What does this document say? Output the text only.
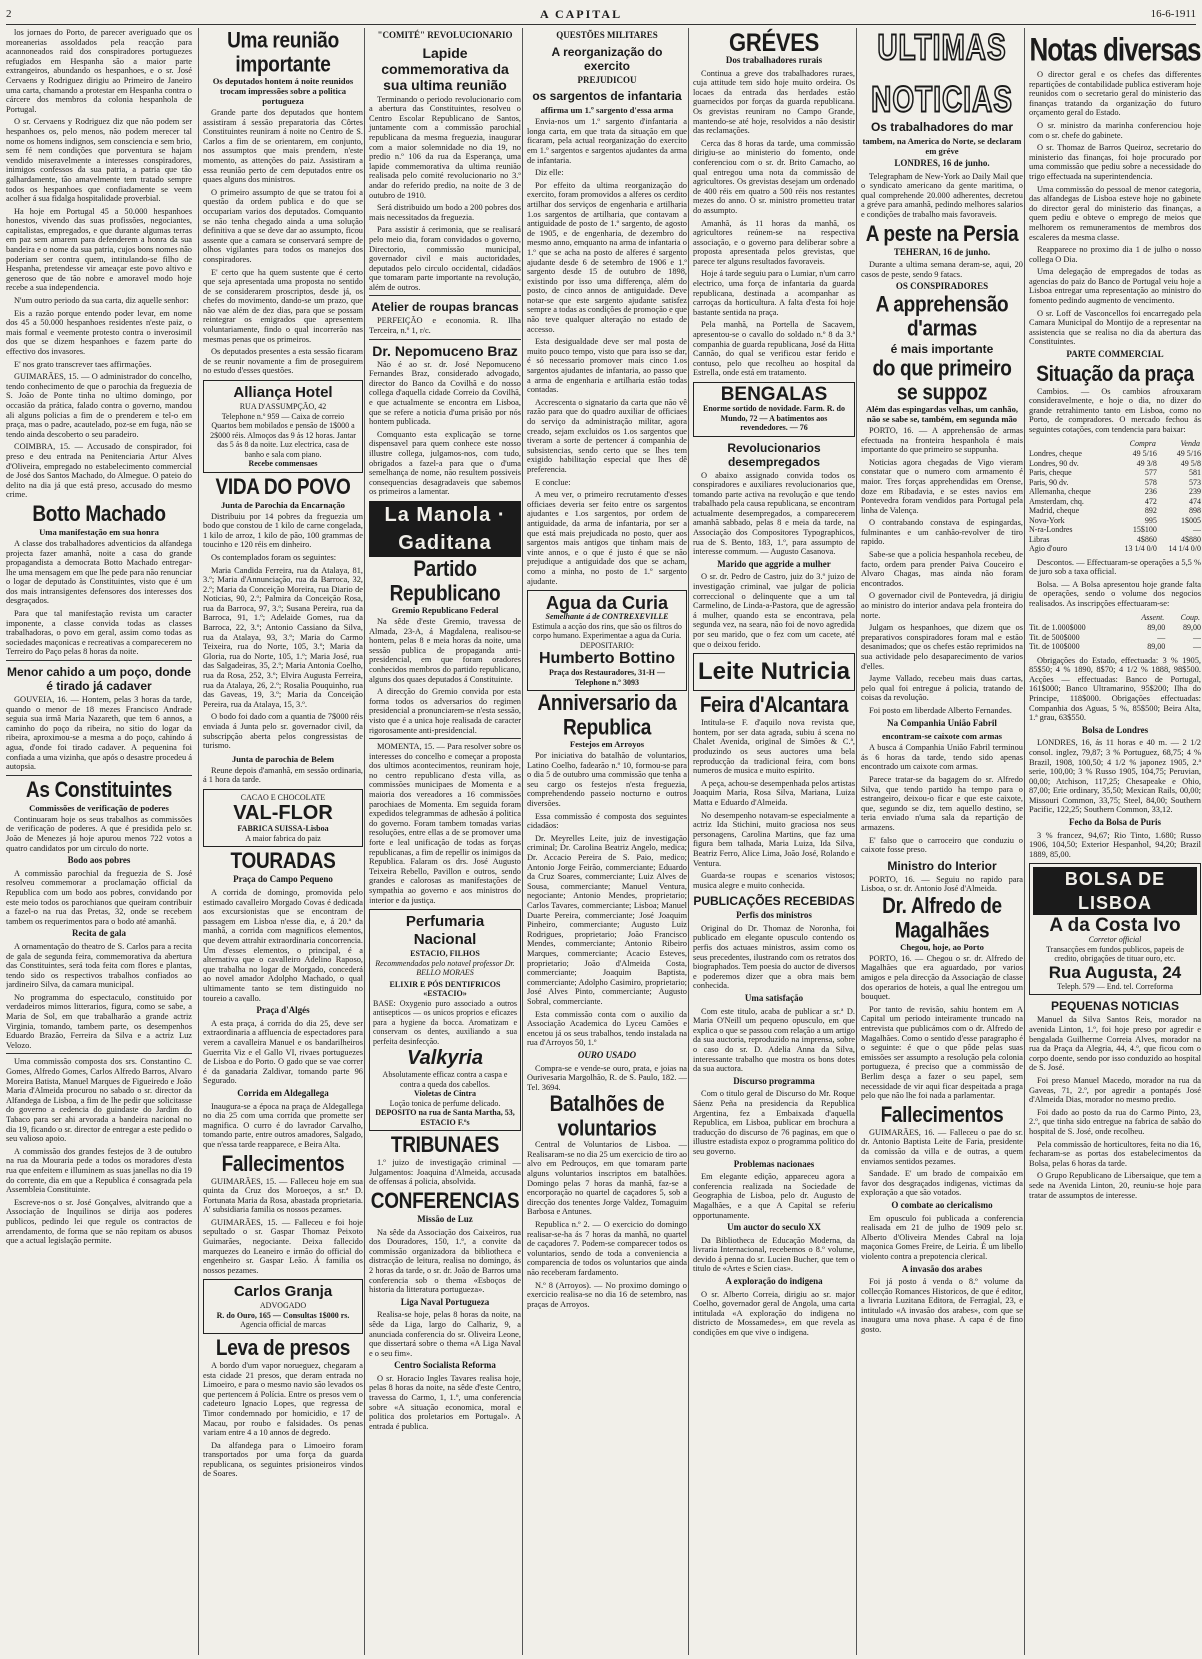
2	A CAPITAL	16-6-1911

los jornaes do Porto, de parecer averiguado que os moreanerias assoldados pela reacção para acannoneados raid dos conspiradores portuguezes refugiados em Hespanha são a maior parte extrangeiros, abundando os hespanhoes, e o sr. José Cervaens y Rodriguez dirigiu ao Primeiro de Janeiro uma carta, chamando a protestar em Hespanha contra o cárcere dos membros da colonia hespanhola de Portugal.

O sr. Cervaens y Rodriguez diz que não podem ser hespanhoes os, pelo menos, não podem merecer tal nome os homens indignos, sem consciencia e sem brio, sem fé nem condições que porventura se hajam vendido miseravelmente a interesses conspiradores, inimigos confessos da sua patria, a patria que tão galhardamente, tão amavelmente tem tratado sempre todos os hespanhoes que confiadamente se veem acolher á sua fidalga hospitalidade proverbial.

Ha hoje em Portugal 45 a 50.000 hespanhoes honestos, vivendo das suas profissões, negociantes, capitalistas, empregados, e que durante algumas terras em paz sem amarem para defenderem a honra da sua bandeira e o nome da sua patria, cujos bons nomes não poderiam ser contra quem, intitulando-se filho de Hespanha, pretendesse vir ameaçar este povo altivo e generoso que de tão nobre e amoravel modo hoje recebe a sua independencia.

N'um outro periodo da sua carta, diz aquelle senhor:

Eis a razão porque entendo poder levar, em nome dos 45 a 50.000 hespanhoes residentes n'este paiz, o mais formal e veemente protesto contra o inverosimil dos que se dizem hespanhoes e fazem parte do effectivo dos invasores.

E' nos grato transcrever taes affirmações.

GUIMARÃES, 15. — O administrador do concelho, tendo conhecimento de que o parochia da freguezia de S. João de Ponte tinha no ultimo domingo, por occasião da prática, falado contra o governo, mandou ali alguns policias a fim de o prenderem e tel-o em praça, mas o padre, acautelado, poz-se em fuga, não se tendo ainda descoberto o seu paradeiro.

COIMBRA, 15. — Accusado de conspirador, foi preso e deu entrada na Penitenciaria Artur Alves d'Oliveira, empregado no estabelecimento commercial de José dos Santos Machado, do Almegue. O pateio do delito na dia já que está preso, accusado do mesmo crime.

Botto Machado
Uma manifestação em sua honra

A classe dos trabalhadores adventicios da alfandega projecta fazer amanhã, noite a casa do grande propagandista a democrata Botto Machado entregar-lhe uma mensagem em que lhe pede para não renunciar o logar de deputado às Constituintes, visto que é um dos mais intransigentes defensores dos interesses dos desgraçados.

Para que tal manifestação revista um caracter imponente, a classe convida todas as classes trabalhadoras, o povo em geral, assim como todas as sociedades maçonicas e recreativas a comparecerem no Terreiro do Paço pelas 8 horas da noite.

Menor cahido a um poço, donde é tirado já cadaver

GOUVEIA, 16. — Hontem, pelas 3 horas da tarde, quando o menor de 18 mezes Francisco Andrade seguia sua irmã Maria Nazareth, que tem 6 annos, a caminho do poço da ribeira, no sitio do logar da ribeira, aproximou-se a mesma a do poço, cahindo á agua, d'onde foi tirado cadaver. A pequenina foi confiada a uma vizinha, que após o desastre procedeu á autopsia.

As Constituintes
Commissões de verificação de poderes

Continuaram hoje os seus trabalhos as commissões de verificação de poderes. A que é presidida pelo sr. João de Menezes já hoje apurou menos 722 votos a quatro candidatos por um circulo do norte.

Bodo aos pobres

A commissão parochial da freguezia de S. José resolveu commemorar a proclamação official da Republica com um bodo aos pobres, convidando por este meio todos os parochianos que queiram contribuir a fazel-o na rua das Pretas, 32, onde se recebem tambem os requerimentos para o bodo até amanhã.

Recita de gala

A ornamentação do theatro de S. Carlos para a recita de gala de segunda feira, commemorativa da abertura das Constituintes, será toda feita com flores e plantas, tendo sido os respectivos trabalhos confiados ao jardineiro Silva, da camara municipal.

No programma do espectaculo, constituido por verdadeiros mimos litterarios, figura, como se sabe, a Maria de Sol, em que trabalharão a grande actriz Virginia, tomando, tambem parte, os desempenhos Eduardo Brazão, Ferreira da Silva e a actriz Luz Velozo.

Uma commissão composta dos srs. Constantino C. Gomes, Alfredo Gomes, Carlos Alfredo Barros, Alvaro Moreira Batista, Manuel Marques de Figueiredo e João Maria d'Almeida procurou no sabado o sr. director da Alfandega de Lisboa, a fim de lhe pedir que solicitasse do governo a cedencia do guindaste do Jardim do Tabaco para ser ahi arvorada a bandeira nacional no dia 19, ficando o sr. director de entregar a este pedido o seu valioso apoio.

A commissão dos grandes festejos de 3 de outubro na rua da Mouraria pede a todos os moradores d'esta rua que enfeitem e illuminem as suas janellas no dia 19 do corrente, dia em que a Republica é consagrada pela Assembleia Constituinte.

Escreve-nos o sr. José Gonçalves, alvitrando que a Associação de Inquilinos se dirija aos poderes publicos, pedindo lei que regule os contractos de arrendamento, de forma que se não repitam os abusos que a actual legislação permite.

Uma reunião importante
Os deputados hontem á noite reunidos trocam impressões sobre a politica portugueza

Grande parte dos deputados que hontem assistiram á sessão preparatoria das Côrtes Constituintes reuniram á noite no Centro de S. Carlos a fim de se orientarem, em conjunto, nos assumptos que mais prendem, n'este momento, as attenções do paiz. Assistiram a essa reunião perto de cem deputados entre os quaes alguns dos ministros.

O primeiro assumpto de que se tratou foi a questão da ordem publica e do que se occupariam varios dos deputados. Comquanto se não tenha chegado ainda a uma solução definitiva a que se deve dar ao assumpto, ficou assente que a camara se conservará sempre de olhos vigilantes para todos os manejos dos conspiradores.

E' certo que ha quem sustente que é certo que seja apresentada uma proposta no sentido de se considerarem proscriptos, desde já, os chefes do movimento, dando-se um prazo, que não vae além de dez dias, para que se possam reintegrar os emigrados que apresentem voluntariamente, findo o qual incorrerão nas mesmas penas que os primeiros.

Os deputados presentes a esta sessão ficaram de se reunir novamente a fim de proseguirem no estudo d'esses questões.

Alliança Hotel
RUA D'ASSUMPÇÃO, 42
Telephone n.º 959 — Caixa de correio
Quartos bem mobilados e pensão de 1$000 a 2$000 réis. Almoços das 9 ás 12 horas. Jantar das 5 ás 8 da noite. Luz electrica, casa de banho e sala com piano.
Recebe commensaes
VIDA DO POVO
Junta de Parochia da Encarnação

Distribuiu por 14 pobres da freguezia um bodo que constou de 1 kilo de carne congelada, 1 kilo de arroz, 1 kilo de pão, 100 grammas de toucinho e 120 réis em dinheiro.

Os contemplados foram os seguintes:

Maria Candida Ferreira, rua da Atalaya, 81, 3.º; Maria d'Annunciação, rua da Barroca, 32, 2.º; Maria da Conceição Moreira, rua Diario de Noticias, 90, 2.º; Palmira da Conceição Rosa, rua da Barroca, 97, 3.º; Susana Pereira, rua da Barroca, 91, 1.º; Adelaide Gomes, rua da Barroca, 22, 3.º; Antonio Cassiano da Silva, rua da Atalaya, 93, 3.º; Maria do Carmo Teixeira, rua do Norte, 105, 3.º; Maria da Gloria, rua do Norte, 105, 1.º; Maria José, rua das Salgadeiras, 35, 2.º; Maria Antonia Coelho, rua da Rosa, 252, 3.º; Elvira Augusta Ferreira, rua da Atalaya, 26, 2.º; Rosalia Pouquinho, rua das Gaveas, 19, 3.º; Maria da Conceição Pereira, rua da Atalaya, 15, 3.º.

O bodo foi dado com a quantia de 7$000 réis enviada á Junta pelo sr. governador civil, da subscripção aberta pelos congressistas de turismo.

Junta de parochia de Belem

Reune depois d'amanhã, em sessão ordinaria, á 1 hora da tarde.

CACAO E CHOCOLATE
VAL-FLOR
FABRICA SUISSA-Lisboa
A maior fabrica do paiz
TOURADAS
Praça do Campo Pequeno

A corrida de domingo, promovida pelo estimado cavalleiro Morgado Covas é dedicada aos excursionistas que se encontram de passagem em Lisboa n'esse dia, e, á 20.ª da manhã, a corrida com magnificos elementos, que devem attrahir extraordinaria concorrencia. Um d'esses elementos, o principal, é a alternativa que o cavalleiro Adelino Raposo, que trabalha no logar de Morgado, concederá ao novel amador Adolpho Machado, o qual ultimamente tanto se tem distinguido no toureio a cavallo.

Praça d'Algés

A esta praça, á corrida do dia 25, deve ser extraordinaria a affluencia de espectadores para verem a cavalleira Manuel e os bandarilheiros Guerrita Viz e el Gallo VI, rivaes portuguezes de Lisboa e do Porto. O gado que se vae correr é da ganadaria Zaldivar, tomando parte 96 Segurado.

Corrida em Aldegallega

Inaugura-se a época na praça de Aldegallega no dia 25 com uma corrida que promette ser magnifica. O curro é do lavrador Carvalho, tomando parte, entre outros amadores, Salgado, que n'essa tarde reapparece, e Beira Alta.

Fallecimentos

GUIMARÃES, 15. — Falleceu hoje em sua quinta da Cruz dos Moroeços, a sr.ª D. Fortunata Maria da Rosa, abastada proprietaria. A' subsidiaria familia os nossos pezames.

GUIMARÃES, 15. — Falleceu e foi hoje sepultado o sr. Gaspar Thomaz Peixoto Guimarães, negociante. Deixa fallecido marquezes do Leaneiro e irmão do official do engenheiro sr. Gaspar Leão. Á familia os nossos pezames.

Carlos Granja
ADVOGADO
R. do Ouro, 165 — Consultas 1$000 rs.
Agencia official de marcas
Leva de presos

A bordo d'um vapor norueguez, chegaram a esta cidade 21 presos, que deram entrada no Limoeiro, e para o mesmo navio são levados os que pertencem á Polícia. Entre os presos vem o cadeteuro Ignacio Lopes, que regressa de Timor condemnado por homicidio, e 17 de Macau, por roubo e falsidades. Os penas variam entre 4 a 10 annos de degredo.

Da alfandega para o Limoeiro foram transportados por uma força da guarda republicana, os seguintes prisioneiros vindos de Soares.

"COMITÉ" REVOLUCIONARIO
Lapide commemorativa da sua ultima reunião

Terminando o periodo revolucionario com a abertura das Constituintes, resolveu o Centro Escolar Republicano de Santos, juntamente com a commissão parochial republicana da mesma freguezia, inaugurar com a maior solemnidade no dia 19, no predio n.º 106 da rua da Esperança, uma lapide commemorativa da ultima reunião realisada pelo comité revolucionario no 3.º andar do referido predio, na noite de 3 de outubro de 1910.

Será distribuido um bodo a 200 pobres dos mais necessitados da freguezia.

Para assistir á cerimonia, que se realisará pelo meio dia, foram convidados o governo, Directorio, commissão municipal, governador civil e mais auctoridades, deputados pelo circulo occidental, cidadãos que tomaram parte importante na revolução, além de outros.

Atelier de roupas brancas

PERFEIÇÃO e economia. R. Ilha Terceira, n.º 1, r/c.

Dr. Nepomuceno Braz

Não é ao sr. dr. José Nepomuceno Fernandes Braz, considerado advogado, director do Banco da Covilhã e do nosso collega d'aquella cidade Correio da Covilhã, e que actualmente se encontra em Lisboa, que se refere a noticia d'uma prisão por nós hontem publicada.

Comquanto esta explicação se torne dispensavel para quem conhece este nosso illustre collega, julgamos-nos, com tudo, obrigados a fazel-a para que o d'uma semelhança de nome, não resultem possiveis consequencias desagradaveis que sabemos os primeiros a lamentar.

La Manola · Gaditana
Partido Republicano
Gremio Republicano Federal

Na sêde d'este Gremio, travessa de Almada, 23-A, á Magdalena, realisou-se hontem, pelas 8 e meia horas da noite, uma sessão publica de propaganda anti-presidencial, em que foram oradores conhecidos membros do partido republicano, alguns dos quaes deputados á Constituinte.

A direcção do Gremio convida por esta forma todos os adversarios do regimen presidencial a pronunciarem-se n'esta sessão, visto que é a unica hoje realisada de caracter rigorosamente anti-presidencial.

MOMENTA, 15. — Para resolver sobre os interesses do concelho e começar a proposta dos ultimos acontecimentos, reuniram hoje, no centro republicano d'esta villa, as commissões municipaes de Momenta e a maioria dos vereadores a 16 commissões parochiaes de Momenta. Em seguida foram expedidos telegrammas de adhesão á politica do governo. Foram tambem tomadas varias resoluções, entre ellas a de se promover uma forte e leal unificação de todas as forças republicanas, a fim de repellir os inimigos da Republica. Falaram os drs. José Augusto Teixeira Rebello, Pavillon e outros, sendo grandes e calorosas as manifestações de sympathia ao governo e aos ministros do interior e da justiça.

Perfumaria Nacional
ESTACIO, FILHOS
Recommendados pelo notavel professor Dr. BELLO MORAES
ELIXIR E PÓS DENTIFRICOS «ESTACIO»
BASE: Oxygenio puro associado a outros antisepticos — os unicos proprios e eficazes para a hygiene da bocca. Aromatizam e conservam os dentes, auxiliando a sua perfeita desinfecção.
Valkyria
Absolutamente efficaz contra a caspa e contra a queda dos cabellos.
Violetas de Cintra
Loção tonica de perfume delicado.
DEPOSITO na rua de Santa Martha, 53, ESTACIO F.ºs
TRIBUNAES

1.º juizo de investigação criminal — Julgamentos: Joaquina d'Almeida, accusada de offensas á policia, absolvida.

CONFERENCIAS
Missão de Luz

Na sêde da Associação dos Caixeiros, rua dos Douradores, 150, 1.º, a convite da commissão organizadora da bibliotheca e distracção de leitura, realisa no domingo, ás 2 horas da tarde, o sr. dr. João de Barros uma conferencia sob o thema «Esboços de historia da litteratura portugueza».

Liga Naval Portugueza

Realisa-se hoje, pelas 8 horas da noite, na sêde da Liga, largo do Calhariz, 9, a anunciada conferencia do sr. Oliveira Leone, que dissertará sobre o thema «A Liga Naval e o seu fim».

Centro Socialista Reforma

O sr. Horacio Ingles Tavares realisa hoje, pelas 8 horas da noite, na sêde d'este Centro, travessa do Carmo, 1, 1.º, uma conferencia sobre «A situação economica, moral e politica dos proletarios em Portugal». A entrada é publica.

QUESTÕES MILITARES
A reorganização do exercito
PREJUDICOU
os sargentos de infantaria
affirma um 1.º sargento d'essa arma

Envia-nos um 1.º sargento d'infantaria a longa carta, em que trata da situação em que ficaram, pela actual reorganização do exercito em 1.º sargentos e sargentos ajudantes da arma de infantaria.

Diz elle:

Por effeito da ultima reorganização do exercito, foram promovidos a alferes os cerdito artilhar dos serviços de engenharia e artilharia 1.os sargentos de artilharia, que contavam a antiguidade de posto de 1.º sargento, de agosto de 1905, e de engenharia, de dezembro do mesmo anno, emquanto na arma de infantaria o 1.º que se acha na posto de alferes é sargento ajudante desde 6 de setembro de 1906 e 1.º sargento desde 15 de outubro de 1898, existindo por isso uma differença, além do posto, de cinco annos de antiguidade. Deve notar-se que este sargento ajudante satisfez sempre a todas as condições de promoção e que não teve qualquer alteração no estado de accesso.

Esta desigualdade deve ser mal posta de muito pouco tempo, visto que para isso se dar, é só necessario promover mais cinco 1.os sargentos ajudantes de infantaria, ao passo que a arma de engenharia e artilharia estão todas contadas.

Accrescenta o signatario da carta que não vê razão para que do quadro auxiliar de officiaes do serviço da administração militar, agora creado, sejam excluidos os 1.os sargentos que tiveram a sorte de pertencer á companhia de subsistencias, sendo certo que se lhes tem exigido habilitação especial que lhes dê preferencia.

E conclue:

A meu ver, o primeiro recrutamento d'esses officiaes deveria ser feito entre os sargentos ajudantes e 1.os sargentos, por ordem de antiguidade, da arma de infantaria, por ser a que está mais prejudicada no posto, quer aos sargentos mais antigos que tinham mais de vinte annos, e o que é justo é que se não prejudique a antiguidade dos que se acham, como a minha, no posto de 1.º sargento ajudante.

Agua da Curia
Semelhante á de CONTREXEVILLE
Estimula a acção dos rins, que são os filtros do corpo humano. Experimentae a agua da Curia.
DEPOSITARIO:
Humberto Bottino
Praça dos Restauradores, 31-H — Telephone n.º 3093
Anniversario da Republica
Festejos em Arroyos

Por iniciativa do batalhão de voluntarios, Latino Coelho, fadearão n.º 10, formou-se para o dia 5 de outubro uma commissão que tenha a seu cargo os festejos n'esta freguezia, comprehendendo passeio nocturno e outros diversões.

Essa commissão é composta dos seguintes cidadãos:

Dr. Meyrelles Leite, juiz de investigação criminal; Dr. Carolina Beatriz Angelo, medica; Dr. Accacio Pereira de S. Paio, medico; Antonio Jorge Feirão, commerciante; Eduardo da Cruz Soares, commerciante; Luiz Alves de Sousa, commerciante; Manuel Ventura, negociante; Antonio Mendes, proprietario; Carlos Tavares, commerciante; Lisboa; Manuel Duarte Pereira, commerciante; José Joaquim Pinheiro, commerciante; Augusto Luiz Rodrigues, proprietario; João Francisco Mendes, commerciante; Antonio Ribeiro Marques, commerciante; Acacio Esteves, proprietario; João d'Almeida Costa, commerciante; Joaquim Baptista, commerciante; Adolpho Casimiro, proprietario; José Alves Pinto, commerciante; Augusto Sobral, commerciante.

Esta commissão conta com o auxilio da Associação Academica do Lyceu Camões e encetou já os seus trabalhos, tendo instalada na rua d'Arroyos 50, 1.º

OURO USADO

Compra-se e vende-se ouro, prata, e joias na Ourivesaria Margolhão, R. de S. Paulo, 182. — Tel. 3694.

Batalhões de voluntarios

Central de Voluntarios de Lisboa. — Realisaram-se no dia 25 um exercicio de tiro ao alvo em Pedrouços, em que tomaram parte alguns voluntarios inscriptos em batalhões. Domingo pelas 7 horas da manhã, faz-se a encorporação no quartel de caçadores 5, sob a direcção dos tenentes Jorge Valdez, Tomaguim Barbosa e Antunes.

Republica n.º 2. — O exercicio do domingo realisar-se-ha ás 7 horas da manhã, no quartel de caçadores 7. Podem-se comparecer todos os voluntarios, sendo de toda a conveniencia a comparencia de todos os voluntarios que ainda não receberam fardamento.

N.º 8 (Arroyos). — No proximo domingo o exercicio realisa-se no dia 16 de setembro, nas praças de Arroyos.

GRÉVES
Dos trabalhadores rurais

Continua a greve dos trabalhadores ruraes, cuja attitude tem sido hoje muito ordeira. Os locaes da entrada das herdades estão guarnecidos por forças da guarda republicana. Os grevistas reuniram no Campo Grande, mantendo-se até hoje, resolvidos a não desistir das reclamações.

Cerca das 8 horas da tarde, uma commissão dirigiu-se ao ministerio do fomento, onde conferenciou com o sr. dr. Brito Camacho, ao qual entregou uma nota da commissão de agricultores. Os grevistas desejam um ordenado de 400 réis em quatro a 500 réis nos restantes mezes do anno. O sr. ministro prometteu tratar do assumpto.

Amanhã, ás 11 horas da manhã, os agricultores reúnem-se na respectiva associação, e o governo para deliberar sobre a proposta apresentada pelos grevistas, que parece ter alguns resultados favoraveis.

Hoje á tarde seguiu para o Lumiar, n'um carro electrico, uma força de infantaria da guarda republicana, destinada a acompanhar as carroças da horticultura. A falta d'esta foi hoje bastante sentida na praça.

Pela manhã, na Portella de Sacavem, apresentou-se o cavallo do soldado n.º 8 da 3.ª companhia de guarda republicana, José da Hitta Cannão, do qual se verificou estar ferido e contuso, pelo que recolheu ao hospital da Estrella, onde está em tratamento.

BENGALAS
Enorme sortido de novidade. Farm. R. do Mundo, 72 — A batimentos aos revendedores. — 76
Revolucionarios desempregados

O abaixo assignado convida todos os conspiradores e auxiliares revolucionarios que, tomando parte activa na revolução e que tendo trabalhado pela causa republicana, se encontram actualmente desempregados, a comparecerem amanhã sabbado, pelas 8 e meia da tarde, na Associação dos Compositores Typographicos, rua de S. Bento, 183, 1.º, para assumpto de interesse commum. — Augusto Casanova.

Marido que aggride a mulher

O sr. dr. Pedro de Castro, juiz do 3.º juizo de investigação criminal, vae julgar de policia correccional o delinquente que a um tal Carmelino, de Linda-a-Pastora, que de agressão á mulher, quando esta se encontrava, pela segunda vez, na seara, não foi de novo agredida por seu marido, que o fez com um cacete, até que o deixou ferido.

Leite Nutricia
Feira d'Alcantara

Intitula-se F. d'aquilo nova revista que, hontem, por ser data agrada, subiu á scena no Chalet Avenida, original de Simões & C.ª, produzindo os seus auctores uma bela reproducção da tradicional feira, com bons numeros de musica e muito espirito.

A peça, achou-se desempenhada pelos artistas Joaquim Maria, Rosa Silva, Mariana, Luiza Matta e Eduardo d'Almeida.

No desempenho notavam-se especialmente a actriz Ida Stichini, muito graciosa nos seus personagens, Carolina Martins, que faz uma figura bem talhada, Maria Luiza, Ida Silva, Beatriz Ferro, Alice Lima, João José, Rolando e Ventura.

Guarda-se roupas e scenarios vistosos; musica alegre e muito conhecida.

PUBLICAÇÕES RECEBIDAS
Perfis dos ministros

Original do Dr. Thomaz de Noronha, foi publicado em elegante opusculo contendo os perfis dos actuaes ministros, assim como os seus precedentes, ilustrando com os retratos dos biographados. Tem poesia do auctor de diversos e poderemos dizer que a obra mais bem conhecida.

Uma satisfação

Com este titulo, acaba de publicar a sr.ª D. Maria O'Neill um pequeno opusculo, em que explica o que se passou com relação a um artigo da sua auctoria, reproduzido na imprensa, sobre o caso do sr. D. Adelia Anna da Silva, interessante trabalho que mostra os bons dotes da sua auctora.

Discurso programma

Com o titulo geral de Discurso do Mr. Roque Sáenz Peña na presidencia da Republica Argentina, fez a Embaixada d'aquella Republica, em Lisboa, publicar em brochura a traducção do discurso de 76 paginas, em que o illustre estadista expoz o programma politico do seu governo.

Problemas nacionaes

Em elegante edição, appareceu agora a conferencia realizada na Sociedade de Geographia de Lisboa, pelo dr. Augusto de Magalhães, e a que A Capital se referiu opportunamente.

Um auctor do seculo XX

Da Bibliotheca de Educação Moderna, da livraria Internacional, recebemos o 8.º volume, devido á penna do sr. Lucien Bucher, que tem o titulo de «Artes e Scien cias».

A exploração do indigena

O sr. Alberto Correia, dirigiu ao sr. major Coelho, governador geral de Angola, uma carta intitulada «A exploração do indigena no districto de Mossamedes», em que revela as condições em que vive o indigena.

ULTIMAS NOTICIAS
Os trabalhadores do mar
tambem, na America do Norte, se declaram em gréve
LONDRES, 16 de junho.

Telegrapham de New-York ao Daily Mail que o syndicato americano da gente maritima, o qual comprehende 20.000 adherentes, decretou a gréve para amanhã, pedindo melhores salarios e condições de trabalho mais favoraveis.

A peste na Persia
TEHERAN, 16 de junho.

Durante a ultima semana deram-se, aqui, 20 casos de peste, sendo 9 fatacs.

OS CONSPIRADORES
A apprehensão d'armas
é mais importante
do que primeiro se suppoz
Além das espingardas velhas, um canhão, não se sabe se, também, em segunda mão

PORTO, 16. — A apprehensão de armas efectuada na fronteira hespanhola é mais importante do que primeiro se suppunha.

Noticias agora chegadas de Vigo vieram constatar que o numero com armamento é maior. Tres forças apprehendidas em Orense, doze em Ribadavia, e se estes navios em Pontevedra foram vendidos para Portugal pela linha de Valença.

O contrabando constava de espingardas, fulminantes e um canhão-revolver de tiro rapido.

Sabe-se que a policia hespanhola recebeu, de facto, ordem para prender Paiva Couceiro e Alvaro Chagas, mas ainda não foram encontrados.

O governador civil de Pontevedra, já dirigiu ao ministro do interior andava pela fronteira do norte.

Julgam os hespanhoes, que dizem que os preparativos conspiradores foram mal e estão desanimados; que os chefes estão reprimidos na sua actividade pelo desaparecimento de varios d'elles.

Jayme Vallado, recebeu mais duas cartas, pelo qual foi entregue á policia, tratando de coisas da revolução.

Foi posto em liberdade Alberto Fernandes.

Na Companhia União Fabril
encontram-se caixote com armas

A busca á Companhia União Fabril terminou ás 6 horas da tarde, tendo sido apenas encontrado um caixote com armas.

Parece tratar-se da bagagem do sr. Alfredo Silva, que tendo partido ha tempo para o estrangeiro, deixou-o ficar e que este caixote, que, segundo se diz, tem aquello destino, se teria enviado n'uma sala da repartição de armazens.

E' falso que o carroceiro que conduziu o caixote fosse preso.

Ministro do Interior

PORTO, 16. — Seguiu no rapido para Lisboa, o sr. dr. Antonio José d'Almeida.

Dr. Alfredo de Magalhães
Chegou, hoje, ao Porto

PORTO, 16. — Chegou o sr. dr. Alfredo de Magalhães que era aguardado, por varios amigos e pela direcção da Associação de classe dos operarios de hoteis, a qual lhe entregou um bouquet.

Por tanto de revisão, sahiu hontem em A Capital um periodo inteiramente truncado na entrevista que publicámos com o dr. Alfredo de Magalhães. Como o sentido d'esse paragrapho é o seguinte: é que o que pôde pelas suas emissões ser assumpto a resolução pela colonia portugueza, é preciso que a commissão de Berlim desça a fazer o seu papel, sem necessidade de vir aqui ficar despeitada a praga pelo que não lhe foi nada a parlamentar.

Fallecimentos

GUIMARÃES, 16. — Falleceu o pae do sr. dr. Antonio Baptista Leite de Faria, presidente da comissão da villa e de outras, a quem enviamos sentidos pezames.

Sandade. E' um brado de compaixão em favor dos desgraçados indigenas, victimas da exploração a que são votados.

O combate ao clericalismo

Em opusculo foi publicada a conferencia realisada em 21 de julho de 1909 pelo sr. Alberto d'Oliveira Mendes Cabral na loja maçonica Gomes Freire, de Leiria. É um libello violento contra a prepotencia clerical.

A invasão dos arabes

Foi já posto á venda o 8.º volume da collecção Romances Historicos, de que é editor, a livraria Luzitana Editora, de Ferragial, 23, e intitulado «A invasão dos arabes», com que se inaugura uma nova phase. A capa é de fino gosto.

Notas diversas

O director geral e os chefes das differentes repartições de contabilidade publica estiveram hoje reunidos com o secretario geral do ministerio das finanças tratando da organização do futuro orçamento geral do Estado.

O sr. ministro da marinha conferenciou hoje com o sr. chefe do gabinete.

O sr. Thomaz de Barros Queiroz, secretario do ministerio das finanças, foi hoje procurado por uma commissão que pediu sobre a necessidade do trigo effectuada na superintendencia.

Uma commissão do pessoal de menor categoria, das alfandegas de Lisboa esteve hoje no gabinete do director geral do ministerio das finanças, a quem pediu e obteve o emprego de meios que melhorem os remuneramentos de membros dos escaleres da mesma classe.

Reapparece no proximo dia 1 de julho o nosso collega O Dia.

Uma delegação de empregados de todas as agencias do paiz do Banco de Portugal veiu hoje a Lisboa entregar uma representação ao ministro do fomento pedindo augmento de vencimento.

O sr. Loff de Vasconcellos foi encarregado pela Camara Municipal do Montijo de a representar na assistencia que se realisa no dia da abertura das Constituintes.

PARTE COMMERCIAL
Situação da praça

Cambios. — Os cambios afrouxaram consideravelmente, e hoje o dia, no dizer do grande retrahimento tanto em Lisboa, como no Porto, de compradores. O mercado fechou ás seguintes cotações, com tendencia para baixar:

	Compra	Venda
Londres, cheque	49 5/16	49 5/16
Londres, 90 dv.	49 3/8	49 5/8
Paris, cheque	577	581
Paris, 90 dv.	578	573
Allemanha, cheque	236	239
Amsterdam, chq.	472	474
Madrid, cheque	892	898
Nova-York	995	1$005
N-ra-Londres	15$100	—
Libras	4$860	4$880
Agio d'ouro	13 1/4 0/0	14 1/4 0/0

Descontos. — Effectuaram-se operações a 5,5 % de juro sob a taxa official.

Bolsa. — A Bolsa apresentou hoje grande falta de operações, sendo o volume dos negocios realisados. As inscripções effectuaram-se:

	Assent.	Coup.
Tit. de 1.000$000	89,00	89,00
Tit. de 500$000	—	—
Tit. de 100$000	89,00	—

Obrigações do Estado, effectuada: 3 % 1905, 85$50; 4 % 1890, 8$70; 4 1/2 % 1888, 98$500. Acções — effectuadas: Banco de Portugal, 161$000; Banco Ultramarino, 95$200; Ilha do Principe, 118$000. Obrigações effectuadas: Companhia dos Aguas, 5 %, 85$500; Beira Alta, 1.ª grau, 63$550.

Bolsa de Londres

LONDRES, 16, ás 11 horas e 40 m. — 2 1/2 consol. inglez, 79,87; 3 % Portuguez, 68,75; 4 % Brazil, 1908, 100,50; 4 1/2 % japonez 1905, 2.ª serie, 100,00; 3 % Russo 1905, 104,75; Peruvian, 00,00; Atchison, 117,25; Chesapeake e Ohio, 87,00; Erie ordinary, 35,50; Mexican Rails, 00,00; Missouri Common, 33,75; Steel, 84,00; Southern Pacific, 122,25; Southern Common, 33,12.

Fecho da Bolsa de Puris

3 % francez, 94,67; Rio Tinto, 1.680; Russo 1906, 104,50; Exterior Hespanhol, 94,20; Brazil 1889, 85,00.

BOLSA DE LISBOA
A da Costa Ivo
Corretor official
Transacções em fundos publicos, papeis de credito, obrigações de tituar ouro, etc.
Rua Augusta, 24
Teleph. 579 — End. tel. Correforma
PEQUENAS NOTICIAS

Manuel da Silva Santos Reis, morador na avenida Linton, 1.º, foi hoje preso por agredir e bengalada Guilherme Correia Alves, morador na rua da Praça da Alegria, 44, 4.º, que ficou com o corpo doente, sendo por isso conduzido ao hospital de S. José.

Foi preso Manuel Macedo, morador na rua da Gaveas, 71, 2.º, por agredir a pontapés José d'Almeida Dias, morador no mesmo predio.

Foi dado ao posto da rua do Carmo Pinto, 23, 2.º, que tinha sido entregue na fabrica de sabão do hospital de S. José, onde recolheu.

Pela commissão de horticultores, feita no dia 16, fecharam-se as portas dos estabelecimentos da Bolsa, pelas 6 horas da tarde.

O Grupo Republicano de Libersaique, que tem a sede na Avenida Linton, 20, reuniu-se hoje para tratar de assumptos de interesse.
